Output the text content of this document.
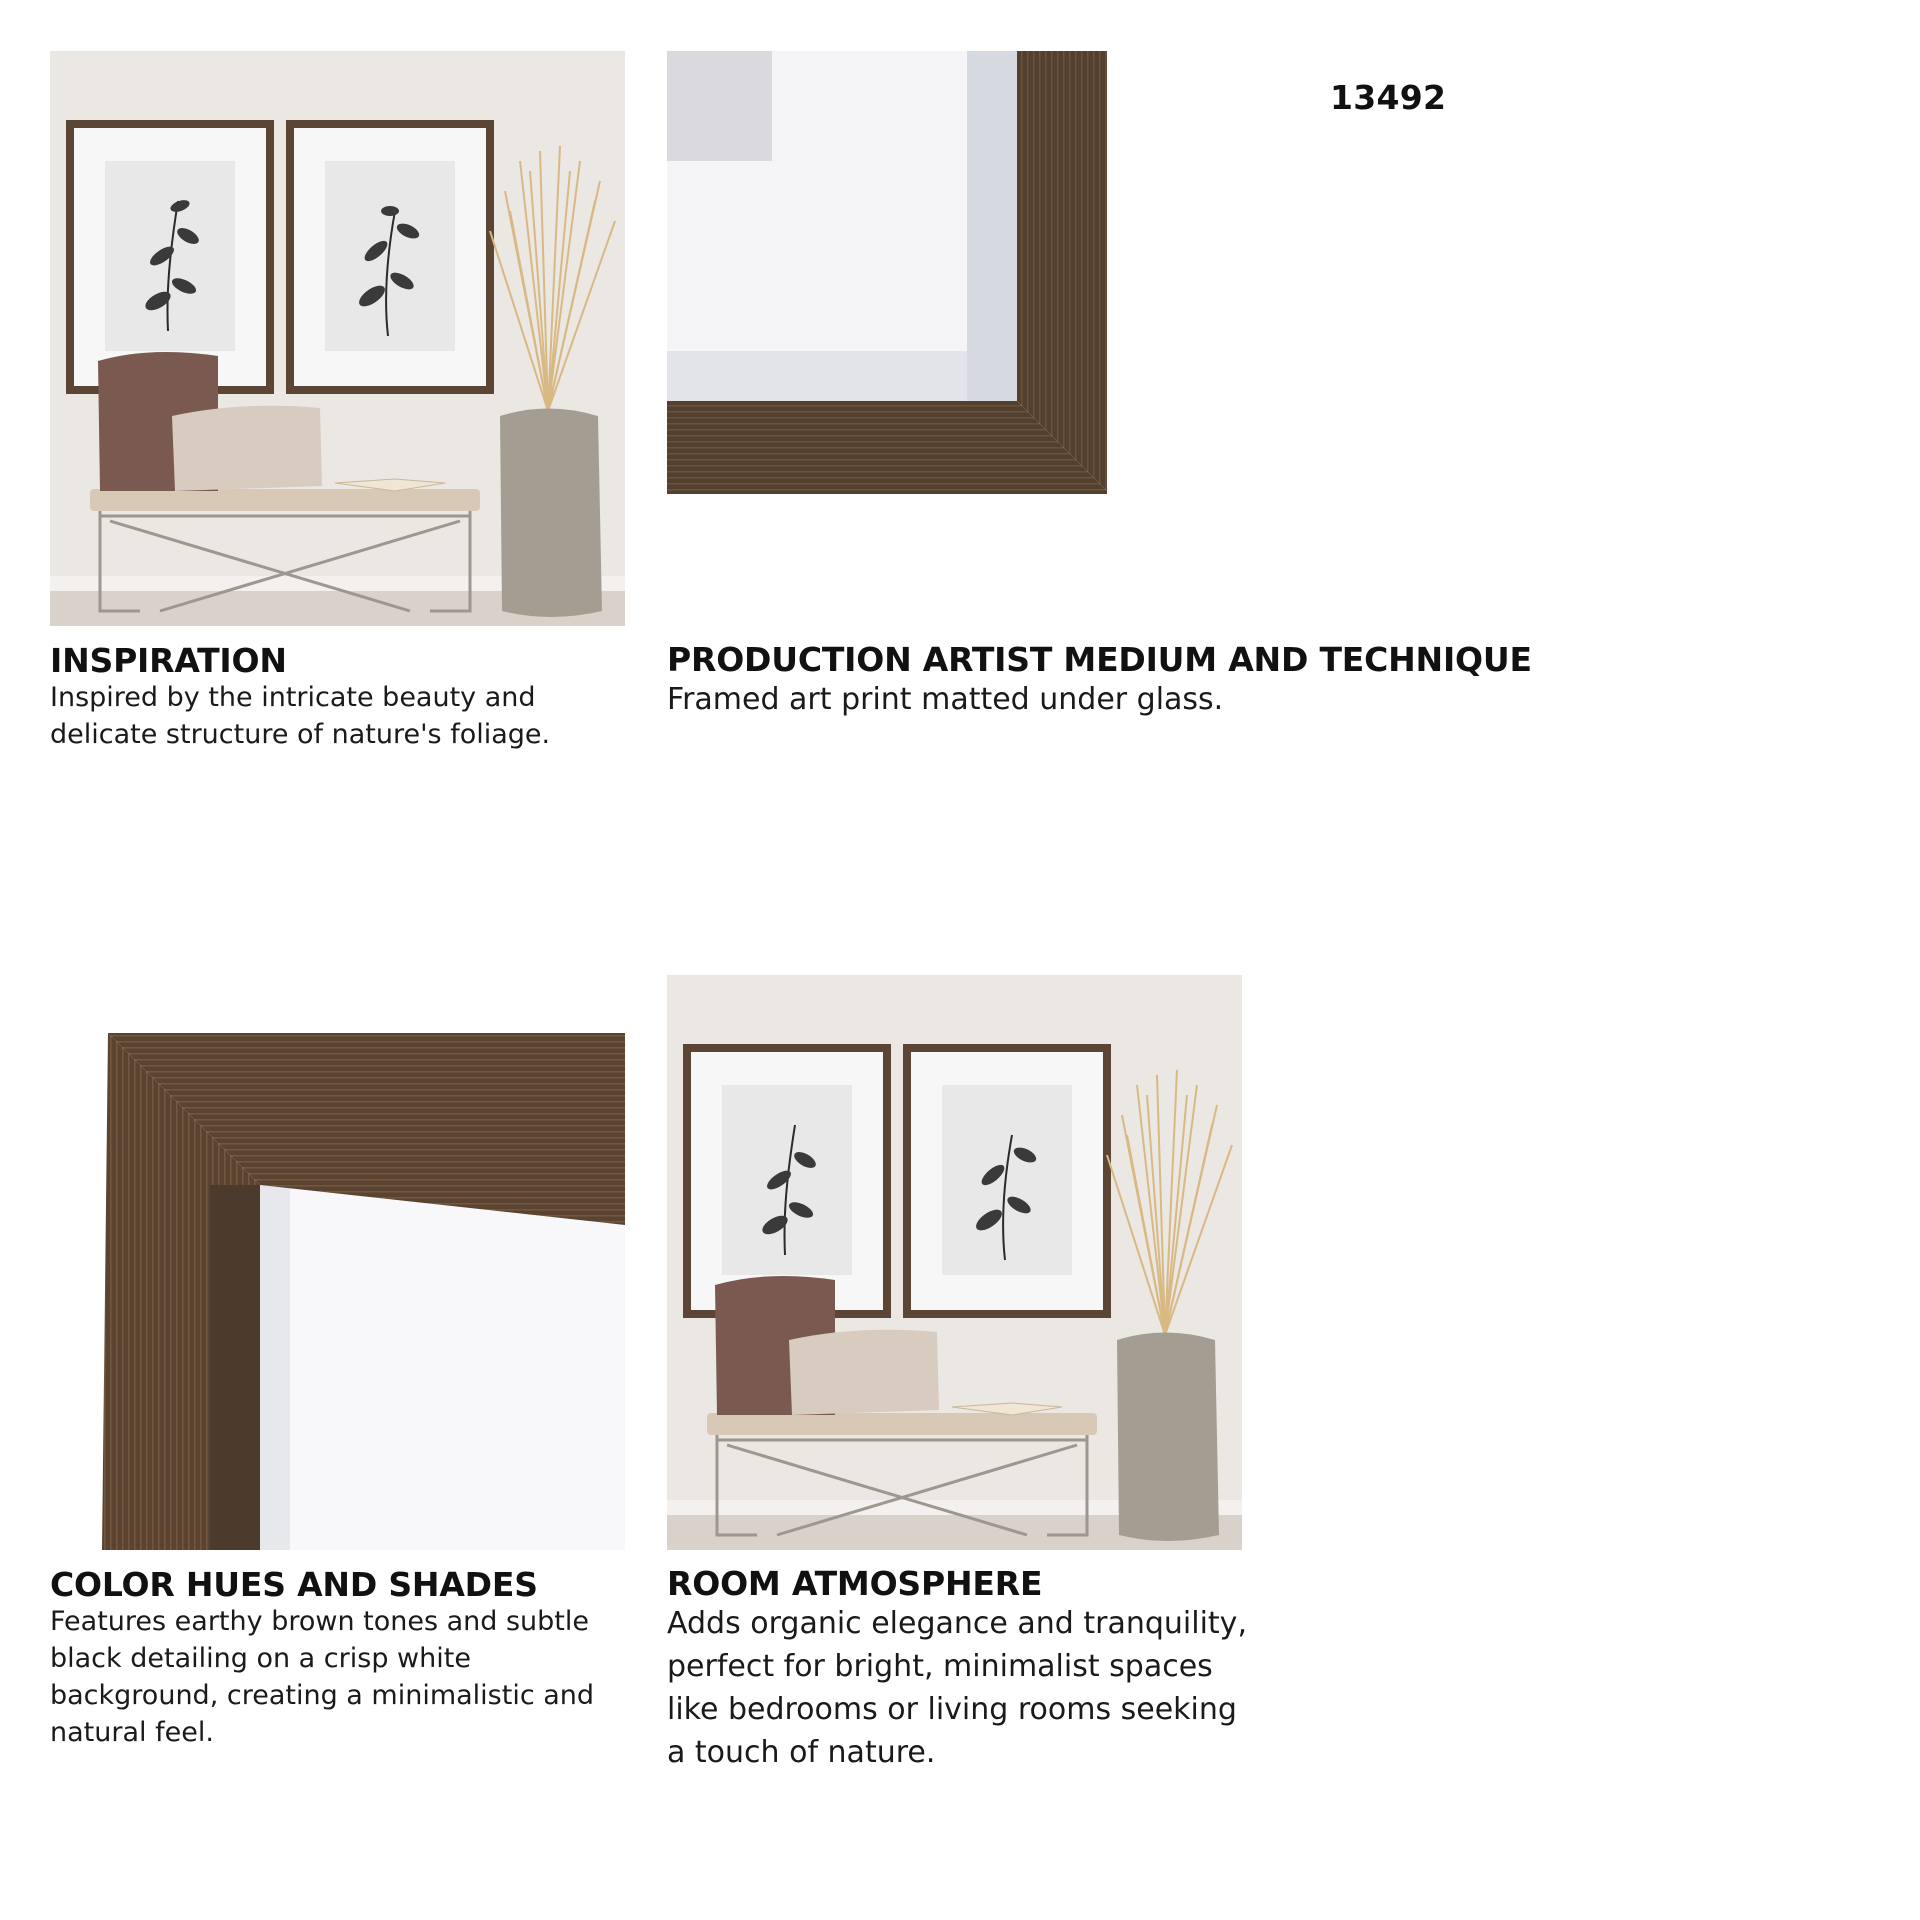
13492
INSPIRATION
Inspired by the intricate beauty and delicate structure of nature's foliage.
PRODUCTION ARTIST MEDIUM AND TECHNIQUE
Framed art print matted under glass.
COLOR HUES AND SHADES
Features earthy brown tones and subtle black detailing on a crisp white background, creating a minimalistic and natural feel.
ROOM ATMOSPHERE
Adds organic elegance and tranquility, perfect for bright, minimalist spaces like bedrooms or living rooms seeking a touch of nature.
